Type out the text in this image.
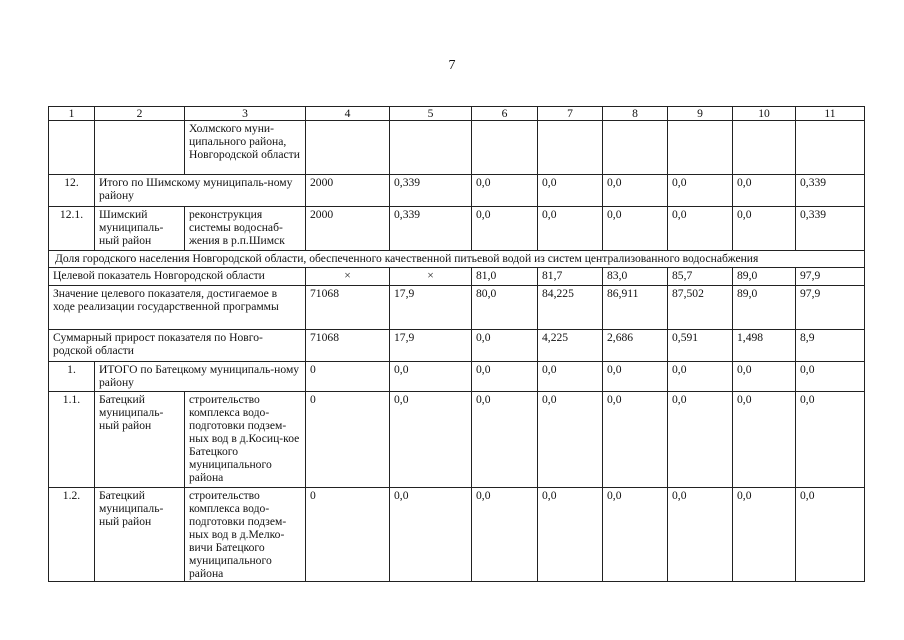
7
1	2	3	4	5	6	7	8	9	10	11
		Холмского муни-ципального района, Новгородской области								
12.	Итого по Шимскому муниципаль-ному району		2000	0,339	0,0	0,0	0,0	0,0	0,0	0,339
12.1.	Шимский муниципаль-ный район	реконструкция системы водоснаб-жения в р.п.Шимск	2000	0,339	0,0	0,0	0,0	0,0	0,0	0,339
Доля городского населения Новгородской области, обеспеченного качественной питьевой водой из систем централизованного водоснабжения										
Целевой показатель Новгородской области			×	×	81,0	81,7	83,0	85,7	89,0	97,9
Значение целевого показателя, достигаемое в ходе реализации государственной программы			71068	17,9	80,0	84,225	86,911	87,502	89,0	97,9
Суммарный прирост показателя по Новго-родской области			71068	17,9	0,0	4,225	2,686	0,591	1,498	8,9
1.	ИТОГО по Батецкому муниципаль-ному району		0	0,0	0,0	0,0	0,0	0,0	0,0	0,0
1.1.	Батецкий муниципаль-ный район	строительство комплекса водо-подготовки подзем-ных вод в д.Косиц-кое Батецкого муниципального района	0	0,0	0,0	0,0	0,0	0,0	0,0	0,0
1.2.	Батецкий муниципаль-ный район	строительство комплекса водо-подготовки подзем-ных вод в д.Мелко-вичи Батецкого муниципального района	0	0,0	0,0	0,0	0,0	0,0	0,0	0,0
